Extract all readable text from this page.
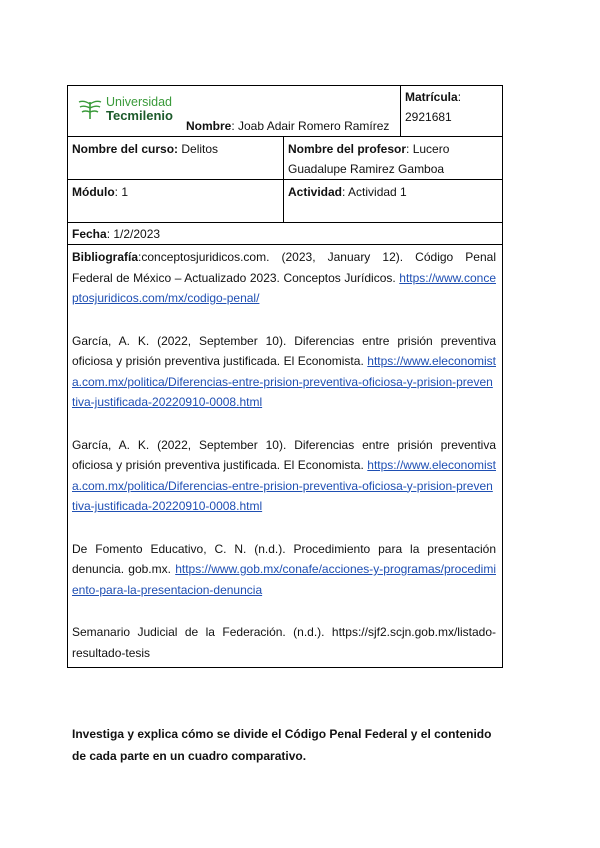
Universidad
Tecmilenio
Nombre: Joab Adair Romero Ramírez
Matrícula:
2921681
Nombre del curso: Delitos	Nombre del profesor: Lucero
Guadalupe Ramirez Gamboa
Módulo: 1	Actividad: Actividad 1
Fecha: 1/2/2023

Bibliografía:conceptosjuridicos.com. (2023, January 12). Código Penal Federal de México – Actualizado 2023. Conceptos Jurídicos. https://www.conceptosjuridicos.com/mx/codigo-penal/

García, A. K. (2022, September 10). Diferencias entre prisión preventiva oficiosa y prisión preventiva justificada. El Economista. https://www.eleconomista.com.mx/politica/Diferencias-entre-prision-preventiva-oficiosa-y-prision-preventiva-justificada-20220910-0008.html

García, A. K. (2022, September 10). Diferencias entre prisión preventiva oficiosa y prisión preventiva justificada. El Economista. https://www.eleconomista.com.mx/politica/Diferencias-entre-prision-preventiva-oficiosa-y-prision-preventiva-justificada-20220910-0008.html

De Fomento Educativo, C. N. (n.d.). Procedimiento para la presentación denuncia. gob.mx. https://www.gob.mx/conafe/acciones-y-programas/procedimiento-para-la-presentacion-denuncia

Semanario Judicial de la Federación. (n.d.). https://sjf2.scjn.gob.mx/listado-resultado-tesis

Investiga y explica cómo se divide el Código Penal Federal y el contenido de cada parte en un cuadro comparativo.
